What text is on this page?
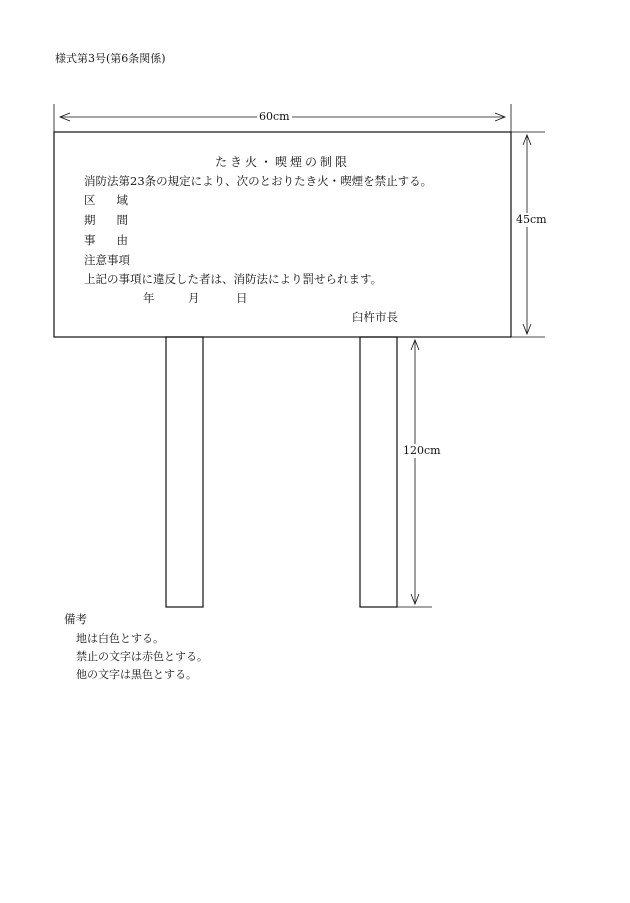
様式第3号(第6条関係)
60cm
45cm
120cm
たき火・喫煙の制限
消防法第23条の規定により、次のとおりたき火・喫煙を禁止する。
区 域
期 間
事 由
注意事項
上記の事項に違反した者は、消防法により罰せられます。
年	月	日
臼杵市長
備考
地は白色とする。
禁止の文字は赤色とする。
他の文字は黒色とする。
